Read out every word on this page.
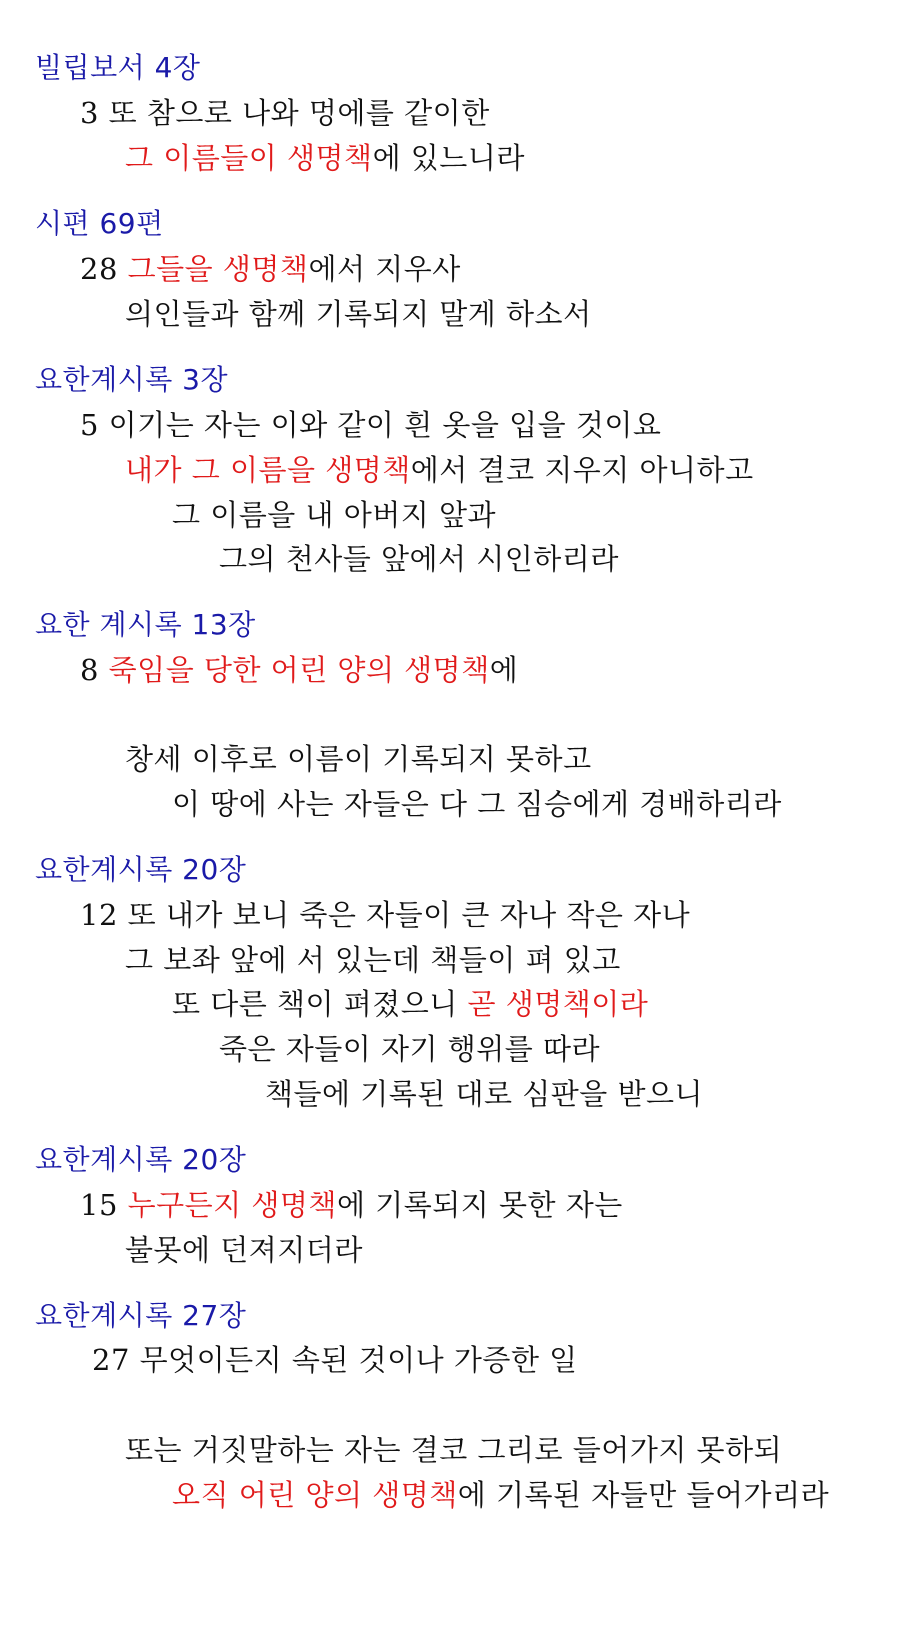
빌립보서 4장
3 또 참으로 나와 멍에를 같이한
그 이름들이 생명책에 있느니라
시편 69편
28 그들을 생명책에서 지우사
의인들과 함께 기록되지 말게 하소서
요한계시록 3장
5 이기는 자는 이와 같이 흰 옷을 입을 것이요
내가 그 이름을 생명책에서 결코 지우지 아니하고
그 이름을 내 아버지 앞과
그의 천사들 앞에서 시인하리라
요한 계시록 13장
8 죽임을 당한 어린 양의 생명책에
창세 이후로 이름이 기록되지 못하고
이 땅에 사는 자들은 다 그 짐승에게 경배하리라
요한계시록 20장
12 또 내가 보니 죽은 자들이 큰 자나 작은 자나
그 보좌 앞에 서 있는데 책들이 펴 있고
또 다른 책이 펴졌으니 곧 생명책이라
죽은 자들이 자기 행위를 따라
책들에 기록된 대로 심판을 받으니
요한계시록 20장
15 누구든지 생명책에 기록되지 못한 자는
불못에 던져지더라
요한계시록 27장
27 무엇이든지 속된 것이나 가증한 일
또는 거짓말하는 자는 결코 그리로 들어가지 못하되
오직 어린 양의 생명책에 기록된 자들만 들어가리라
